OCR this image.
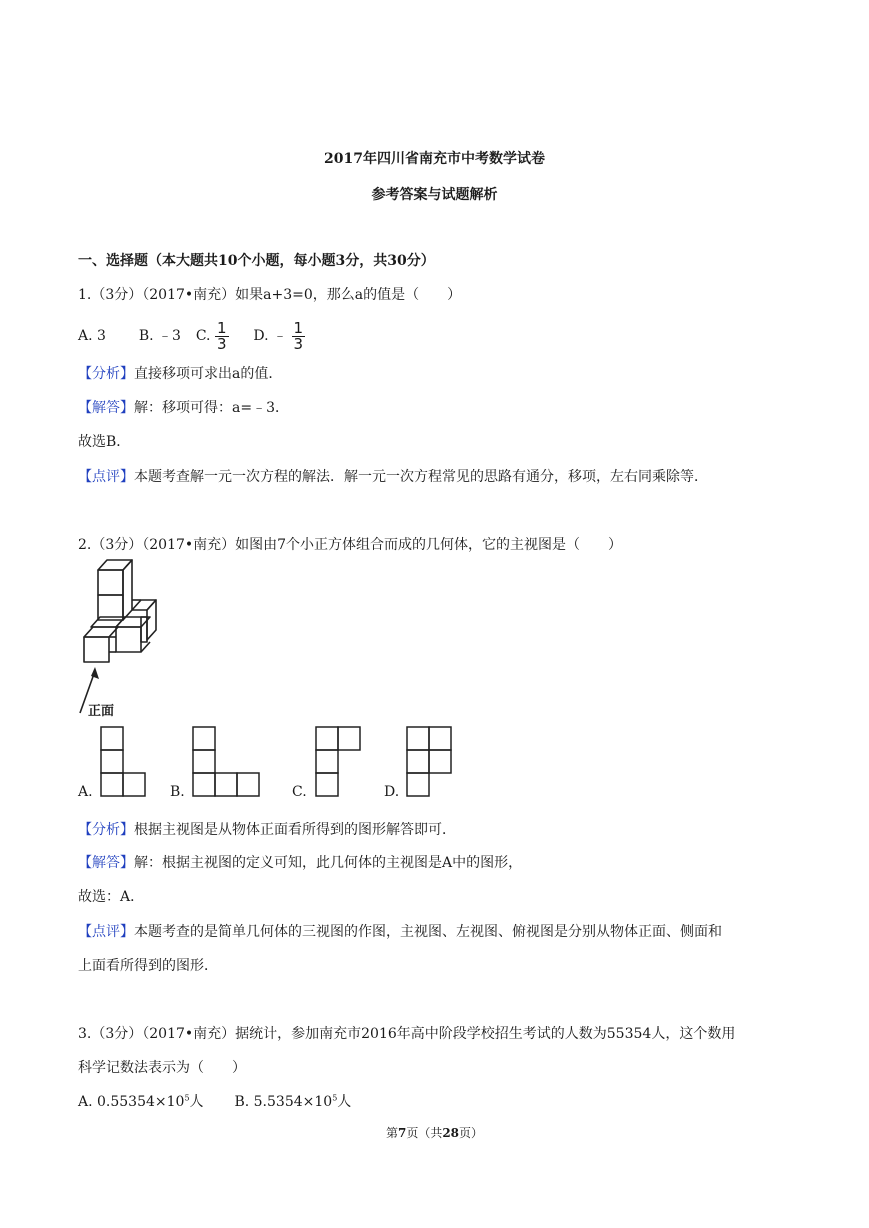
2017年四川省南充市中考数学试卷
参考答案与试题解析
一、选择题（本大题共10个小题，每小题3分，共30分）
1.（3分）（2017•南充）如果a+3=0，那么a的值是（　　）
A. 3 B. ﹣3 C. $\frac{1}{3} D$. ﹣ $\frac{1}{3}$
【分析】直接移项可求出a的值．
【解答】解：移项可得：a=﹣3．
故选B．
【点评】本题考查解一元一次方程的解法．解一元一次方程常见的思路有通分，移项，左右同乘除等．
2.（3分）（2017•南充）如图由7个小正方体组合而成的几何体，它的主视图是（　　）
正面
A.	B.	C.	D.
【分析】根据主视图是从物体正面看所得到的图形解答即可．
【解答】解：根据主视图的定义可知，此几何体的主视图是A中的图形，
故选：A．
【点评】本题考查的是简单几何体的三视图的作图，主视图、左视图、俯视图是分别从物体正面、侧面和
上面看所得到的图形．
3.（3分）（2017•南充）据统计，参加南充市2016年高中阶段学校招生考试的人数为55354人，这个数用
科学记数法表示为（　　）
A. $0.55354\times 10^5$人 B. $5.5354\times 10^5$人
第7页（共28页）
